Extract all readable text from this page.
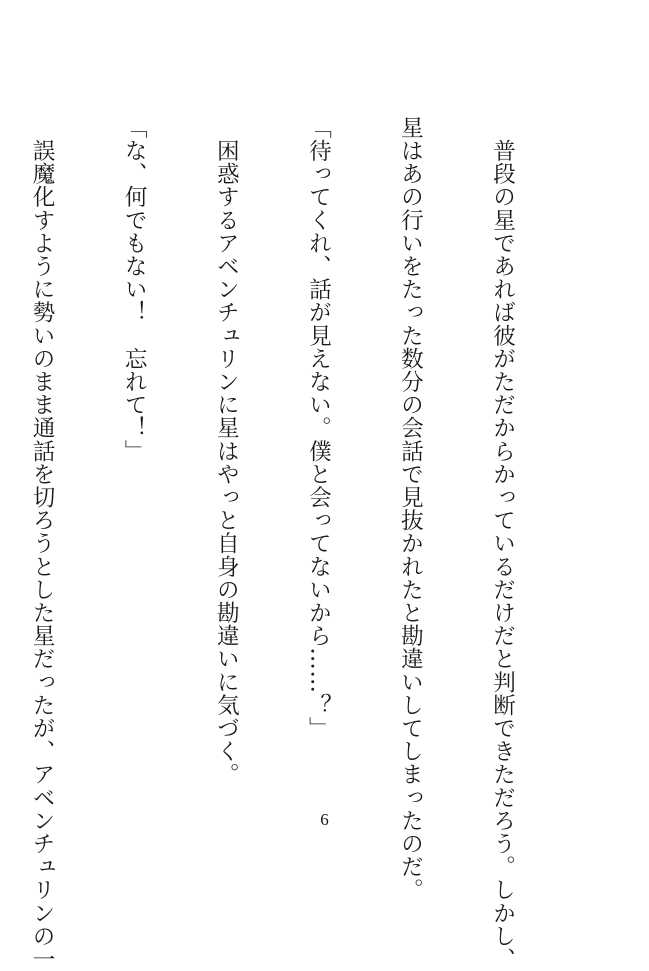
　普段の星であれば彼がただからかっているだけだと判断できただろう。しかし、

星はあの行いをたった数分の会話で見抜かれたと勘違いしてしまったのだ。

「待ってくれ、話が見えない。僕と会ってないから……？」

　困惑するアベンチュリンに星はやっと自身の勘違いに気づく。

「な、何でもない！　忘れて！」

　誤魔化すように勢いのまま通話を切ろうとした星だったが、アベンチュリンの一

	6
